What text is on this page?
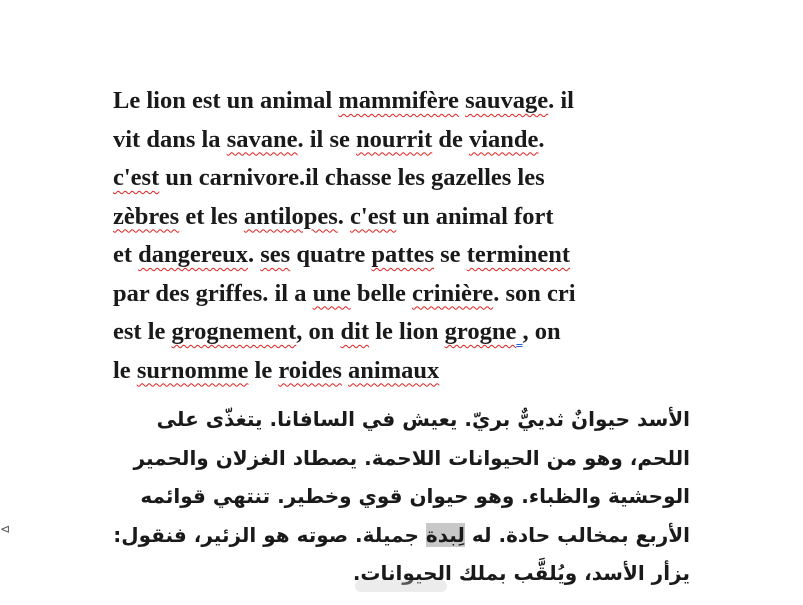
Le lion est un animal mammifère sauvage. il
vit dans la savane. il se nourrit de viande.
c'est un carnivore.il chasse les gazelles les
zèbres et les antilopes. c'est un animal fort
et dangereux. ses quatre pattes se terminent
par des griffes. il a une belle crinière. son cri
est le grognement, on dit le lion grogne , on
le surnomme le roides animaux
الأسد حيوانٌ ثدييٌّ بريّ. يعيش في السافانا. يتغذّى على
اللحم، وهو من الحيوانات اللاحمة. يصطاد الغزلان والحمير
الوحشية والظباء. وهو حيوان قوي وخطير. تنتهي قوائمه
الأربع بمخالب حادة. له لِبدة جميلة. صوته هو الزئير، فنقول:
يزأر الأسد، ويُلقَّب بملك الحيوانات.
⊲
